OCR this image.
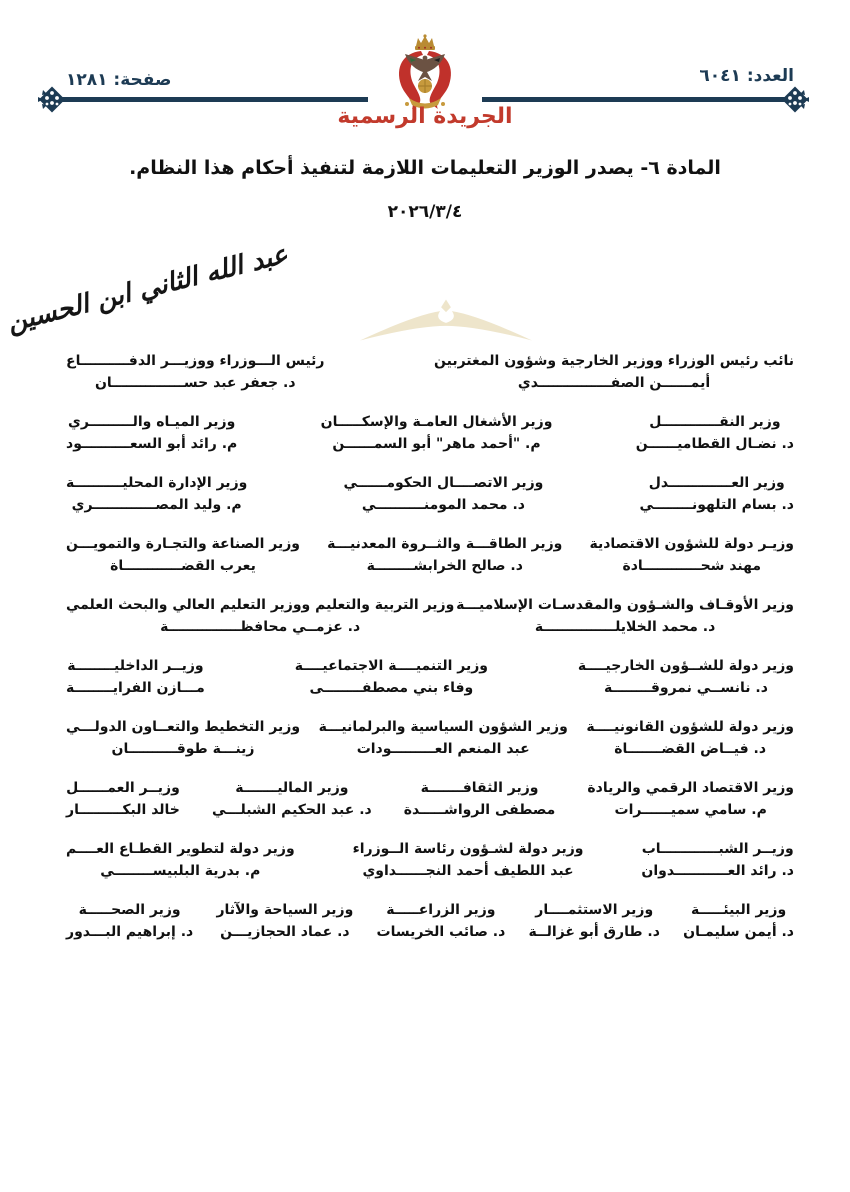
العدد: ٦٠٤١
صفحة: ١٢٨١
الجريدة الرسمية
المادة ٦- يصدر الوزير التعليمات اللازمة لتنفيذ أحكام هذا النظام.
٢٠٢٦/٣/٤
عبد الله الثاني ابن الحسين
نائب رئيس الوزراء ووزير الخارجية وشؤون المغتربين
أيمــــــن الصفـــــــــــــــدي
رئيس الـــوزراء ووزيـــر الدفــــــــــاع
د. جعفر عبد حســـــــــــــــان
وزير النقــــــــــــل
د. نضـال القطاميــــــن
وزير الأشغال العامـة والإسكـــــان
م. "أحمد ماهر" أبو السمــــــن
وزير الميـاه والـــــــــري
م. رائد أبو السعــــــــــود
وزير العـــــــــــــدل
د. بسام التلهونــــــــي
وزير الاتصــــال الحكومــــــي
د. محمد المومنــــــــــي
وزير الإدارة المحليــــــــــة
م. وليد المصـــــــــــــري
وزيـر دولة للشؤون الاقتصادية
مهند شحــــــــــــادة
وزير الطاقـــة والثــروة المعدنيـــة
د. صالح الخرابشــــــــة
وزير الصناعة والتجـارة والتمويـــن
يعرب القضــــــــــــاة
وزير الأوقـاف والشـؤون والمقدسـات الإسلاميـــة
د. محمد الخلايلـــــــــــــــة
وزير التربية والتعليم ووزير التعليم العالي والبحث العلمي
د. عزمــي محافظـــــــــــــــة
وزير دولة للشــؤون الخارجيــــة
د. نانســي نمروقــــــــة
وزير التنميــــة الاجتماعيــــة
وفاء بني مصطفــــــــى
وزيــر الداخليــــــــة
مـــازن الفرايــــــــة
وزير دولة للشؤون القانونيــــة
د. فيــاض القضـــــــاة
وزير الشؤون السياسية والبرلمانيـــة
عبد المنعم العـــــــــودات
وزير التخطيط والتعــاون الدولـــي
زينـــة طوقــــــــــان
وزير الاقتصاد الرقمي والريادة
م. سامي سميــــــرات
وزير الثقافـــــــة
مصطفى الرواشـــــدة
وزير الماليـــــــة
د. عبد الحكيم الشبلـــي
وزيــر العمــــــل
خالد البكـــــــــار
وزيــر الشبــــــــــــاب
د. رائد العـــــــــــدوان
وزير دولة لشـؤون رئاسة الــوزراء
عبد اللطيف أحمد النجــــــداوي
وزير دولة لتطوير القطـاع العــــم
م. بدرية البلبيســــــــي
وزير البيئـــــة
د. أيمن سليمـان
وزير الاستثمــــار
د. طارق أبو غزالــة
وزير الزراعـــــة
د. صائب الخريسات
وزير السياحة والآثار
د. عماد الحجازيـــن
وزير الصحـــــة
د. إبراهيم البـــدور
